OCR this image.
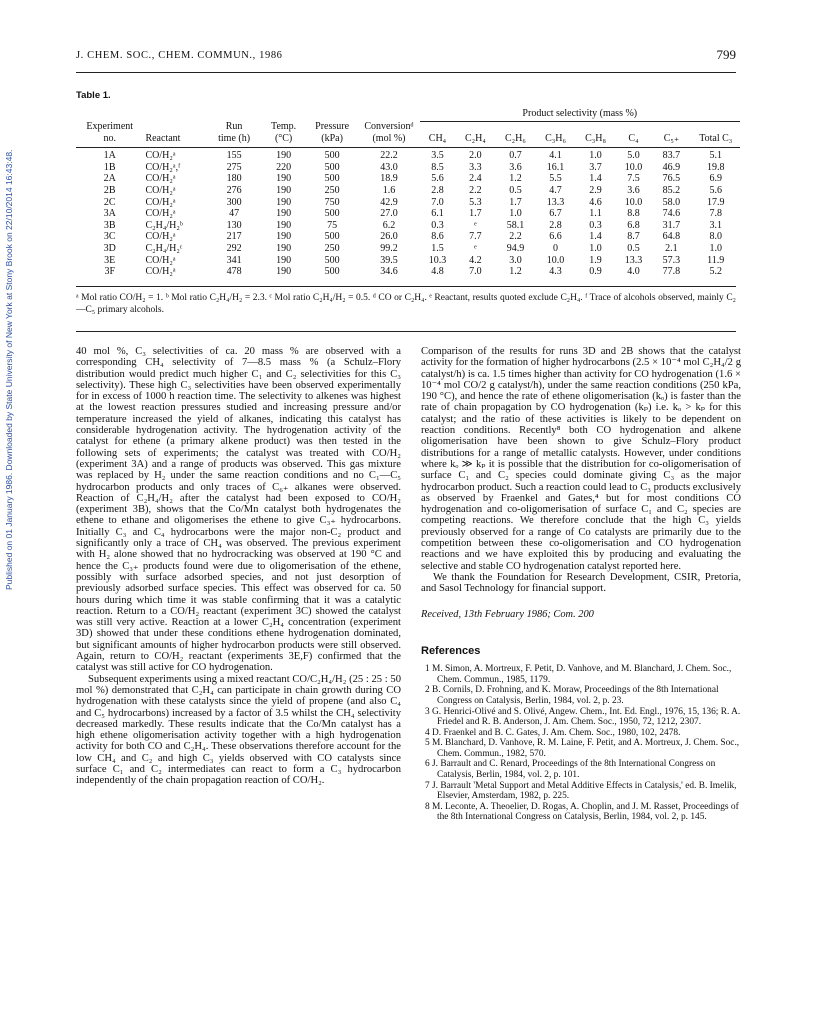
Published on 01 January 1986. Downloaded by State University of New York at Stony Brook on 22/10/2014 16:43:48.
J. CHEM. SOC., CHEM. COMMUN., 1986	799
Table 1.
						Product selectivity (mass %)							
Experiment		Run	Temp.	Pressure	Conversionᵈ								
no.	Reactant	time (h)	(°C)	(kPa)	(mol %)	CH₄	C₂H₄	C₂H₆	C₃H₆	C₃H₈	C₄	C₅₊	Total C₃
1A	CO/H₂ᵃ	155	190	500	22.2	3.5	2.0	0.7	4.1	1.0	5.0	83.7	5.1
1B	CO/H₂ᵃ,ᶠ	275	220	500	43.0	8.5	3.3	3.6	16.1	3.7	10.0	46.9	19.8
2A	CO/H₂ᵃ	180	190	500	18.9	5.6	2.4	1.2	5.5	1.4	7.5	76.5	6.9
2B	CO/H₂ᵃ	276	190	250	1.6	2.8	2.2	0.5	4.7	2.9	3.6	85.2	5.6
2C	CO/H₂ᵃ	300	190	750	42.9	7.0	5.3	1.7	13.3	4.6	10.0	58.0	17.9
3A	CO/H₂ᵃ	47	190	500	27.0	6.1	1.7	1.0	6.7	1.1	8.8	74.6	7.8
3B	C₂H₄/H₂ᵇ	130	190	75	6.2	0.3	ᵉ	58.1	2.8	0.3	6.8	31.7	3.1
3C	CO/H₂ᵃ	217	190	500	26.0	8.6	7.7	2.2	6.6	1.4	8.7	64.8	8.0
3D	C₂H₄/H₂ᶜ	292	190	250	99.2	1.5	ᵉ	94.9	0	1.0	0.5	2.1	1.0
3E	CO/H₂ᵃ	341	190	500	39.5	10.3	4.2	3.0	10.0	1.9	13.3	57.3	11.9
3F	CO/H₂ᵃ	478	190	500	34.6	4.8	7.0	1.2	4.3	0.9	4.0	77.8	5.2
ᵃ Mol ratio CO/H₂ = 1. ᵇ Mol ratio C₂H₄/H₂ = 2.3. ᶜ Mol ratio C₂H₄/H₂ = 0.5. ᵈ CO or C₂H₄. ᵉ Reactant, results quoted exclude C₂H₄. ᶠ Trace of alcohols observed, mainly C₂—C₅ primary alcohols.

40 mol %, C₃ selectivities of ca. 20 mass % are observed with a corresponding CH₄ selectivity of 7—8.5 mass % (a Schulz–Flory distribution would predict much higher C₁ and C₂ selectivities for this C₃ selectivity). These high C₃ selectivities have been observed experimentally for in excess of 1000 h reaction time. The selectivity to alkenes was highest at the lowest reaction pressures studied and increasing pressure and/or temperature increased the yield of alkanes, indicating this catalyst has considerable hydrogenation activity. The hydrogenation activity of the catalyst for ethene (a primary alkene product) was then tested in the following sets of experiments; the catalyst was treated with CO/H₂ (experiment 3A) and a range of products was observed. This gas mixture was replaced by H₂ under the same reaction conditions and no C₁—C₅ hydrocarbon products and only traces of C₆₊ alkanes were observed. Reaction of C₂H₄/H₂ after the catalyst had been exposed to CO/H₂ (experiment 3B), shows that the Co/Mn catalyst both hydrogenates the ethene to ethane and oligomerises the ethene to give C₃₊ hydrocarbons. Initially C₃ and C₄ hydrocarbons were the major non-C₂ product and significantly only a trace of CH₄ was observed. The previous experiment with H₂ alone showed that no hydrocracking was observed at 190 °C and hence the C₃₊ products found were due to oligomerisation of the ethene, possibly with surface adsorbed species, and not just desorption of previously adsorbed surface species. This effect was observed for ca. 50 hours during which time it was stable confirming that it was a catalytic reaction. Return to a CO/H₂ reactant (experiment 3C) showed the catalyst was still very active. Reaction at a lower C₂H₄ concentration (experiment 3D) showed that under these conditions ethene hydrogenation dominated, but significant amounts of higher hydrocarbon products were still observed. Again, return to CO/H₂ reactant (experiments 3E,F) confirmed that the catalyst was still active for CO hydrogenation.

Subsequent experiments using a mixed reactant CO/C₂H₄/H₂ (25 : 25 : 50 mol %) demonstrated that C₂H₄ can participate in chain growth during CO hydrogenation with these catalysts since the yield of propene (and also C₄ and C₅ hydrocarbons) increased by a factor of 3.5 whilst the CH₄ selectivity decreased markedly. These results indicate that the Co/Mn catalyst has a high ethene oligomerisation activity together with a high hydrogenation activity for both CO and C₂H₄. These observations therefore account for the low CH₄ and C₂ and high C₃ yields observed with CO catalysts since surface C₁ and C₂ intermediates can react to form a C₃ hydrocarbon independently of the chain propagation reaction of CO/H₂.

Comparison of the results for runs 3D and 2B shows that the catalyst activity for the formation of higher hydrocarbons (2.5 × 10⁻⁴ mol C₂H₄/2 g catalyst/h) is ca. 1.5 times higher than activity for CO hydrogenation (1.6 × 10⁻⁴ mol CO/2 g catalyst/h), under the same reaction conditions (250 kPa, 190 °C), and hence the rate of ethene oligomerisation (kₒ) is faster than the rate of chain propagation by CO hydrogenation (kₚ) i.e. kₒ > kₚ for this catalyst; and the ratio of these activities is likely to be dependent on reaction conditions. Recently⁸ both CO hydrogenation and alkene oligomerisation have been shown to give Schulz–Flory product distributions for a range of metallic catalysts. However, under conditions where kₒ ≫ kₚ it is possible that the distribution for co-oligomerisation of surface C₁ and C₂ species could dominate giving C₃ as the major hydrocarbon product. Such a reaction could lead to C₃ products exclusively as observed by Fraenkel and Gates,⁴ but for most conditions CO hydrogenation and co-oligomerisation of surface C₁ and C₂ species are competing reactions. We therefore conclude that the high C₃ yields previously observed for a range of Co catalysts are primarily due to the competition between these co-oligomerisation and CO hydrogenation reactions and we have exploited this by producing and evaluating the selective and stable CO hydrogenation catalyst reported here.

We thank the Foundation for Research Development, CSIR, Pretoria, and Sasol Technology for financial support.

Received, 13th February 1986; Com. 200

References
1 M. Simon, A. Mortreux, F. Petit, D. Vanhove, and M. Blanchard, J. Chem. Soc., Chem. Commun., 1985, 1179.
2 B. Cornils, D. Frohning, and K. Moraw, Proceedings of the 8th International Congress on Catalysis, Berlin, 1984, vol. 2, p. 23.
3 G. Henrici-Olivé and S. Olivé, Angew. Chem., Int. Ed. Engl., 1976, 15, 136; R. A. Friedel and R. B. Anderson, J. Am. Chem. Soc., 1950, 72, 1212, 2307.
4 D. Fraenkel and B. C. Gates, J. Am. Chem. Soc., 1980, 102, 2478.
5 M. Blanchard, D. Vanhove, R. M. Laine, F. Petit, and A. Mortreux, J. Chem. Soc., Chem. Commun., 1982, 570.
6 J. Barrault and C. Renard, Proceedings of the 8th International Congress on Catalysis, Berlin, 1984, vol. 2, p. 101.
7 J. Barrault 'Metal Support and Metal Additive Effects in Catalysis,' ed. B. Imelik, Elsevier, Amsterdam, 1982, p. 225.
8 M. Leconte, A. Theoelier, D. Rogas, A. Choplin, and J. M. Rasset, Proceedings of the 8th International Congress on Catalysis, Berlin, 1984, vol. 2, p. 145.
